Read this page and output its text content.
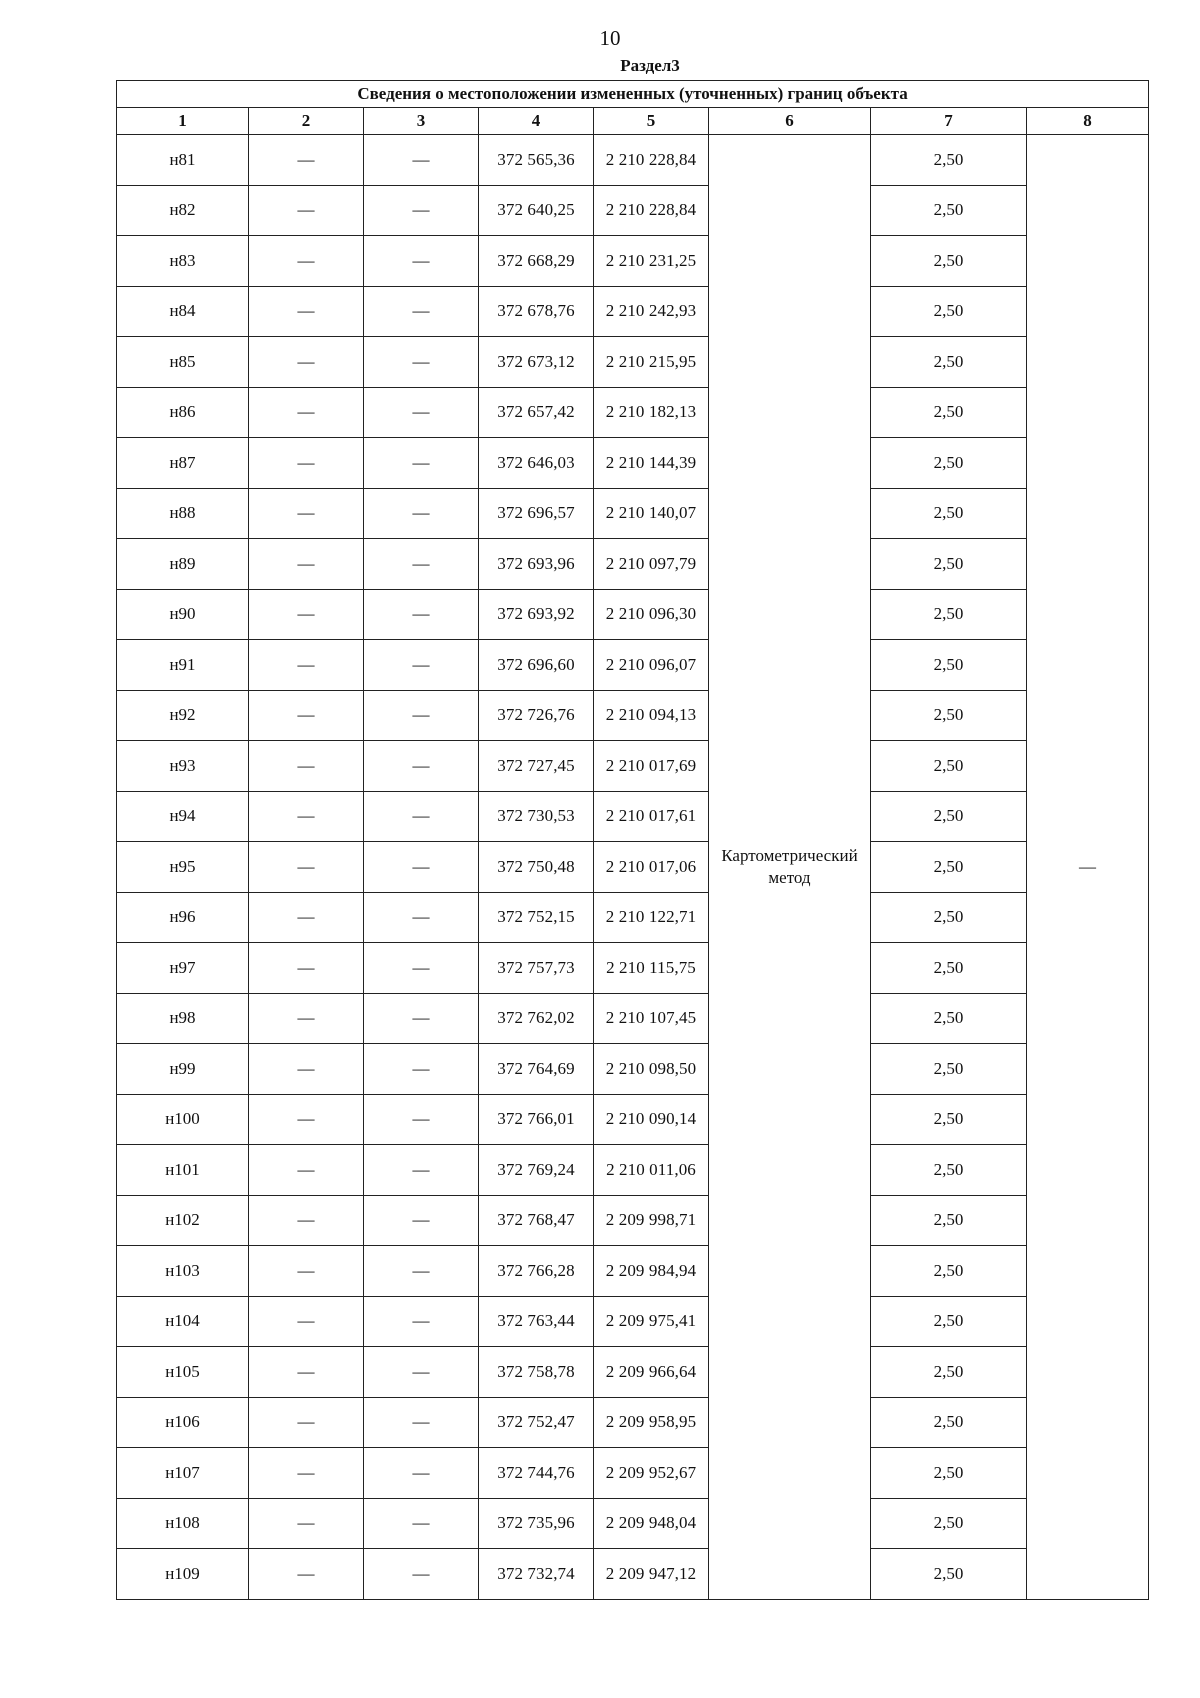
10
Раздел3
Сведения о местоположении измененных (уточненных) границ объекта							
1	2	3	4	5	6	7	8
н81	—	—	372 565,36	2 210 228,84	Картометрический метод	2,50	—
н82	—	—	372 640,25	2 210 228,84		2,50	
н83	—	—	372 668,29	2 210 231,25		2,50	
н84	—	—	372 678,76	2 210 242,93		2,50	
н85	—	—	372 673,12	2 210 215,95		2,50	
н86	—	—	372 657,42	2 210 182,13		2,50	
н87	—	—	372 646,03	2 210 144,39		2,50	
н88	—	—	372 696,57	2 210 140,07		2,50	
н89	—	—	372 693,96	2 210 097,79		2,50	
н90	—	—	372 693,92	2 210 096,30		2,50	
н91	—	—	372 696,60	2 210 096,07		2,50	
н92	—	—	372 726,76	2 210 094,13		2,50	
н93	—	—	372 727,45	2 210 017,69		2,50	
н94	—	—	372 730,53	2 210 017,61		2,50	
н95	—	—	372 750,48	2 210 017,06		2,50	
н96	—	—	372 752,15	2 210 122,71		2,50	
н97	—	—	372 757,73	2 210 115,75		2,50	
н98	—	—	372 762,02	2 210 107,45		2,50	
н99	—	—	372 764,69	2 210 098,50		2,50	
н100	—	—	372 766,01	2 210 090,14		2,50	
н101	—	—	372 769,24	2 210 011,06		2,50	
н102	—	—	372 768,47	2 209 998,71		2,50	
н103	—	—	372 766,28	2 209 984,94		2,50	
н104	—	—	372 763,44	2 209 975,41		2,50	
н105	—	—	372 758,78	2 209 966,64		2,50	
н106	—	—	372 752,47	2 209 958,95		2,50	
н107	—	—	372 744,76	2 209 952,67		2,50	
н108	—	—	372 735,96	2 209 948,04		2,50	
н109	—	—	372 732,74	2 209 947,12		2,50	
